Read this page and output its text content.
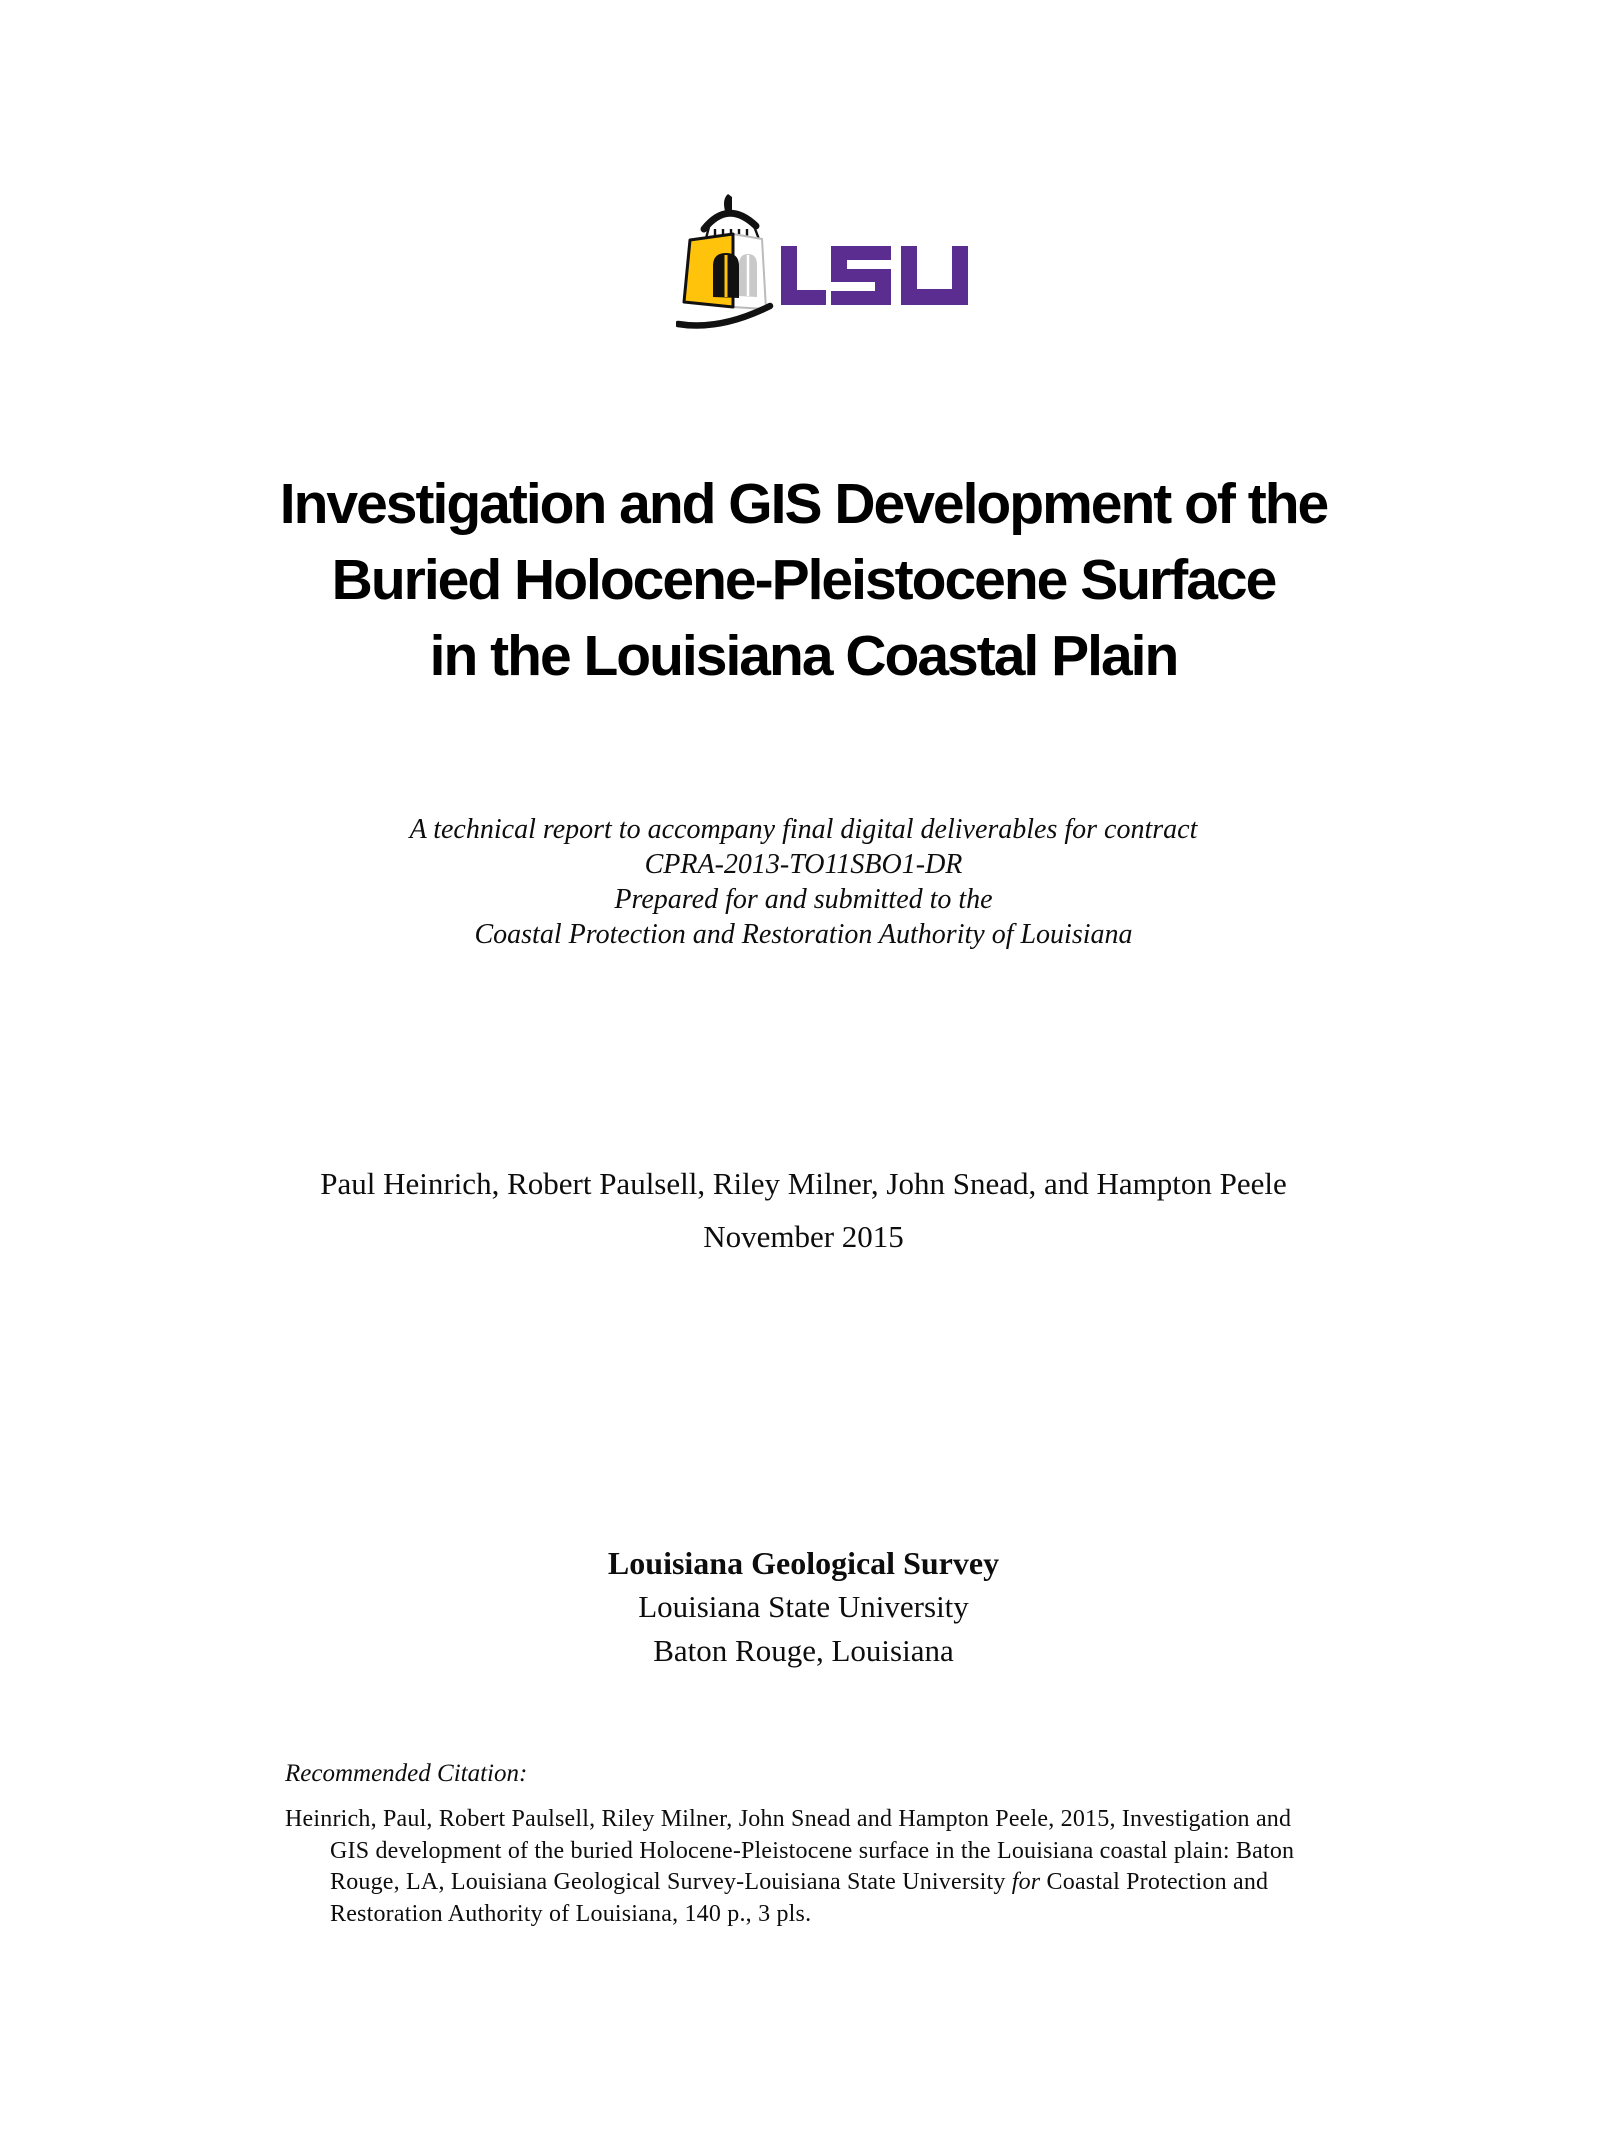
Investigation and GIS Development of the
Buried Holocene-Pleistocene Surface
in the Louisiana Coastal Plain
A technical report to accompany final digital deliverables for contract
CPRA-2013-TO11SBO1-DR
Prepared for and submitted to the
Coastal Protection and Restoration Authority of Louisiana
Paul Heinrich, Robert Paulsell, Riley Milner, John Snead, and Hampton Peele
November 2015
Louisiana Geological Survey
Louisiana State University
Baton Rouge, Louisiana
Recommended Citation:
Heinrich, Paul, Robert Paulsell, Riley Milner, John Snead and Hampton Peele, 2015, Investigation and
GIS development of the buried Holocene-Pleistocene surface in the Louisiana coastal plain: Baton
Rouge, LA, Louisiana Geological Survey-Louisiana State University for Coastal Protection and
Restoration Authority of Louisiana, 140 p., 3 pls.
